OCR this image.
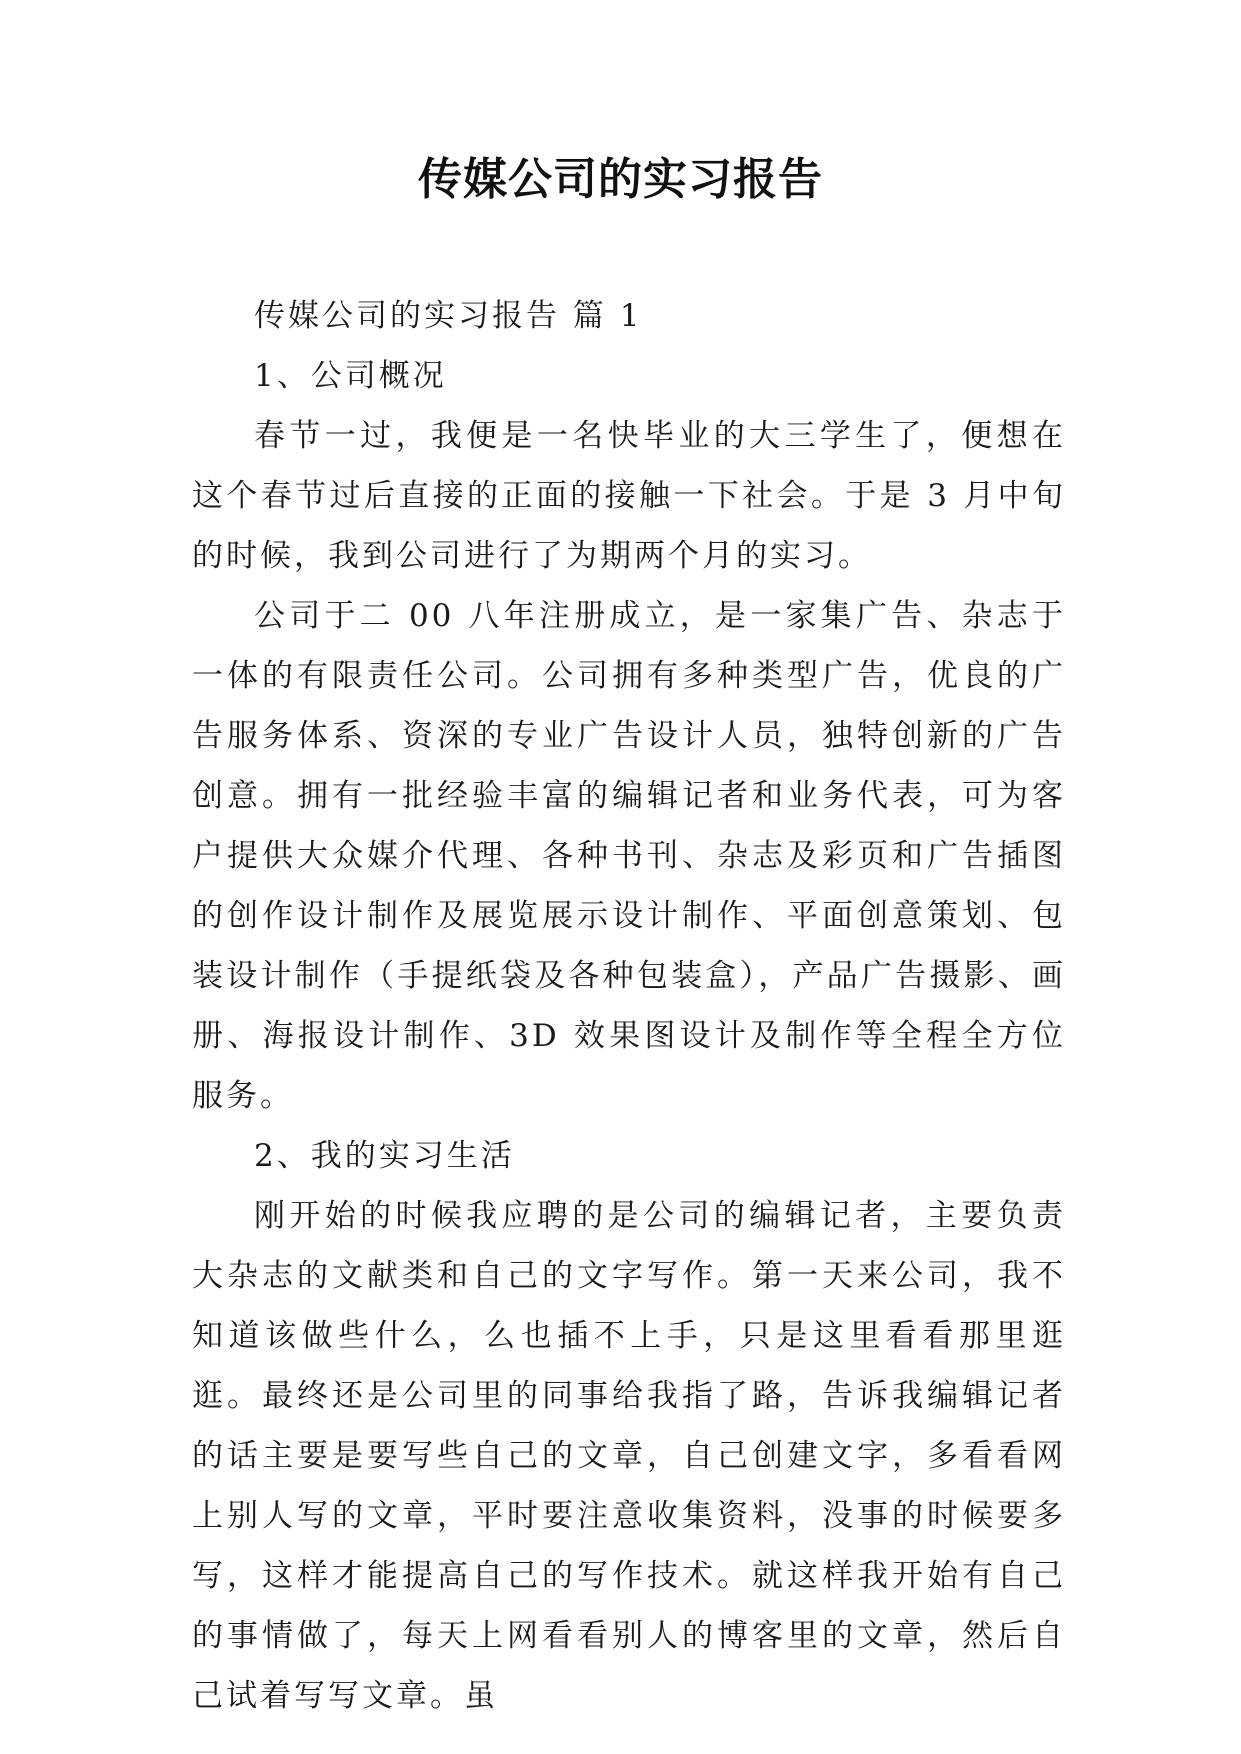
传媒公司的实习报告

传媒公司的实习报告 篇 1

1、公司概况

春节一过，我便是一名快毕业的大三学生了，便想在这个春节过后直接的正面的接触一下社会。于是 3 月中旬的时候，我到公司进行了为期两个月的实习。

公司于二 00 八年注册成立，是一家集广告、杂志于一体的有限责任公司。公司拥有多种类型广告，优良的广告服务体系、资深的专业广告设计人员，独特创新的广告创意。拥有一批经验丰富的编辑记者和业务代表，可为客户提供大众媒介代理、各种书刊、杂志及彩页和广告插图的创作设计制作及展览展示设计制作、平面创意策划、包装设计制作（手提纸袋及各种包装盒），产品广告摄影、画册、海报设计制作、3D 效果图设计及制作等全程全方位服务。

2、我的实习生活

刚开始的时候我应聘的是公司的编辑记者，主要负责大杂志的文献类和自己的文字写作。第一天来公司，我不知道该做些什么，么也插不上手，只是这里看看那里逛逛。最终还是公司里的同事给我指了路，告诉我编辑记者的话主要是要写些自己的文章，自己创建文字，多看看网上别人写的文章，平时要注意收集资料，没事的时候要多写，这样才能提高自己的写作技术。就这样我开始有自己的事情做了，每天上网看看别人的博客里的文章，然后自己试着写写文章。虽
